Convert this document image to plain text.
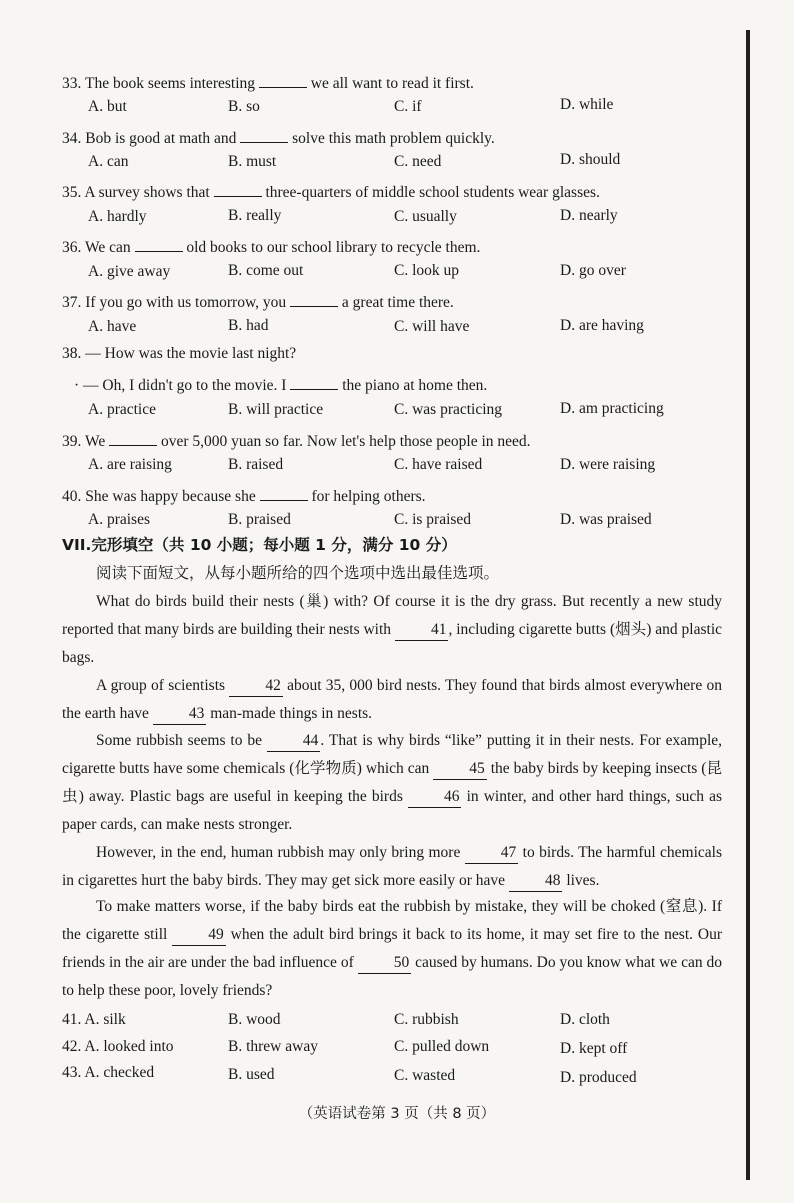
33. The book seems interesting	we all want to read it first.
A. but	B. so	C. if	D. while
34. Bob is good at math and	solve this math problem quickly.
A. can	B. must	C. need	D. should
35. A survey shows that	three-quarters of middle school students wear glasses.
A. hardly	B. really	C. usually	D. nearly
36. We can	old books to our school library to recycle them.
A. give away	B. come out	C. look up	D. go over
37. If you go with us tomorrow, you	a great time there.
A. have	B. had	C. will have	D. are having
38. — How was the movie last night?
· — Oh, I didn't go to the movie. I	the piano at home then.
A. practice	B. will practice	C. was practicing	D. am practicing
39. We	over 5,000 yuan so far. Now let's help those people in need.
A. are raising	B. raised	C. have raised	D. were raising
40. She was happy because she	for helping others.
A. praises	B. praised	C. is praised	D. was praised
VII.完形填空（共 10 小题；每小题 1 分，满分 10 分）
阅读下面短文，从每小题所给的四个选项中选出最佳选项。
What do birds build their nests (巢) with? Of course it is the dry grass. But recently a new study reported that many birds are building their nests with	41 , including cigarette butts (烟头) and plastic bags.
A group of scientists	42 about 35, 000 bird nests. They found that birds almost everywhere on the earth have	43 man-made things in nests.
Some rubbish seems to be	44 . That is why birds “like” putting it in their nests. For example, cigarette butts have some chemicals (化学物质) which can	45 the baby birds by keeping insects (昆虫) away. Plastic bags are useful in keeping the birds	46 in winter, and other hard things, such as paper cards, can make nests stronger.
However, in the end, human rubbish may only bring more	47 to birds. The harmful chemicals in cigarettes hurt the baby birds. They may get sick more easily or have	48 lives.
To make matters worse, if the baby birds eat the rubbish by mistake, they will be choked (窒息). If the cigarette still	49 when the adult bird brings it back to its home, it may set fire to the nest. Our friends in the air are under the bad influence of	50 caused by humans. Do you know what we can do to help these poor, lovely friends?
41. A. silk	B. wood	C. rubbish	D. cloth
42. A. looked into	B. threw away	C. pulled down	D. kept off
43. A. checked	B. used	C. wasted	D. produced
（英语试卷第 3 页（共 8 页）
